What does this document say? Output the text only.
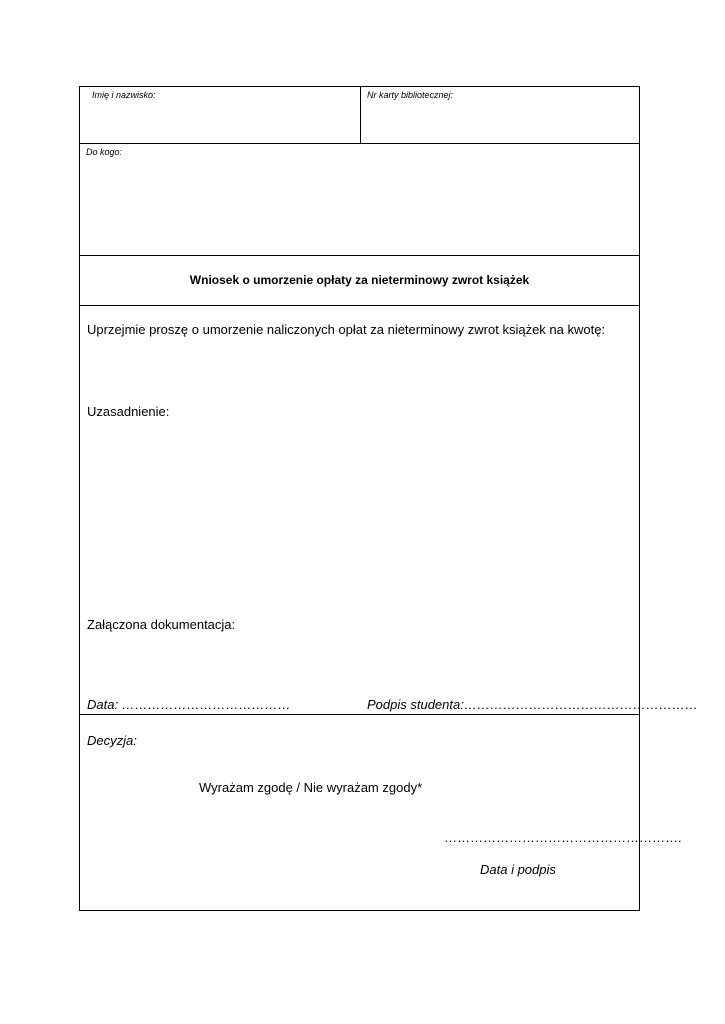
Imię i nazwisko:	Nr karty bibliotecznej:
Do kogo:
Wniosek o umorzenie opłaty za nieterminowy zwrot książek
Uprzejmie proszę o umorzenie naliczonych opłat za nieterminowy zwrot książek na kwotę:
Uzasadnienie:
Załączona dokumentacja:
Data: …………………………………	Podpis studenta:………………………………………………
Decyzja:
Wyrażam zgodę / Nie wyrażam zgody*
……………………………………………….
Data i podpis
